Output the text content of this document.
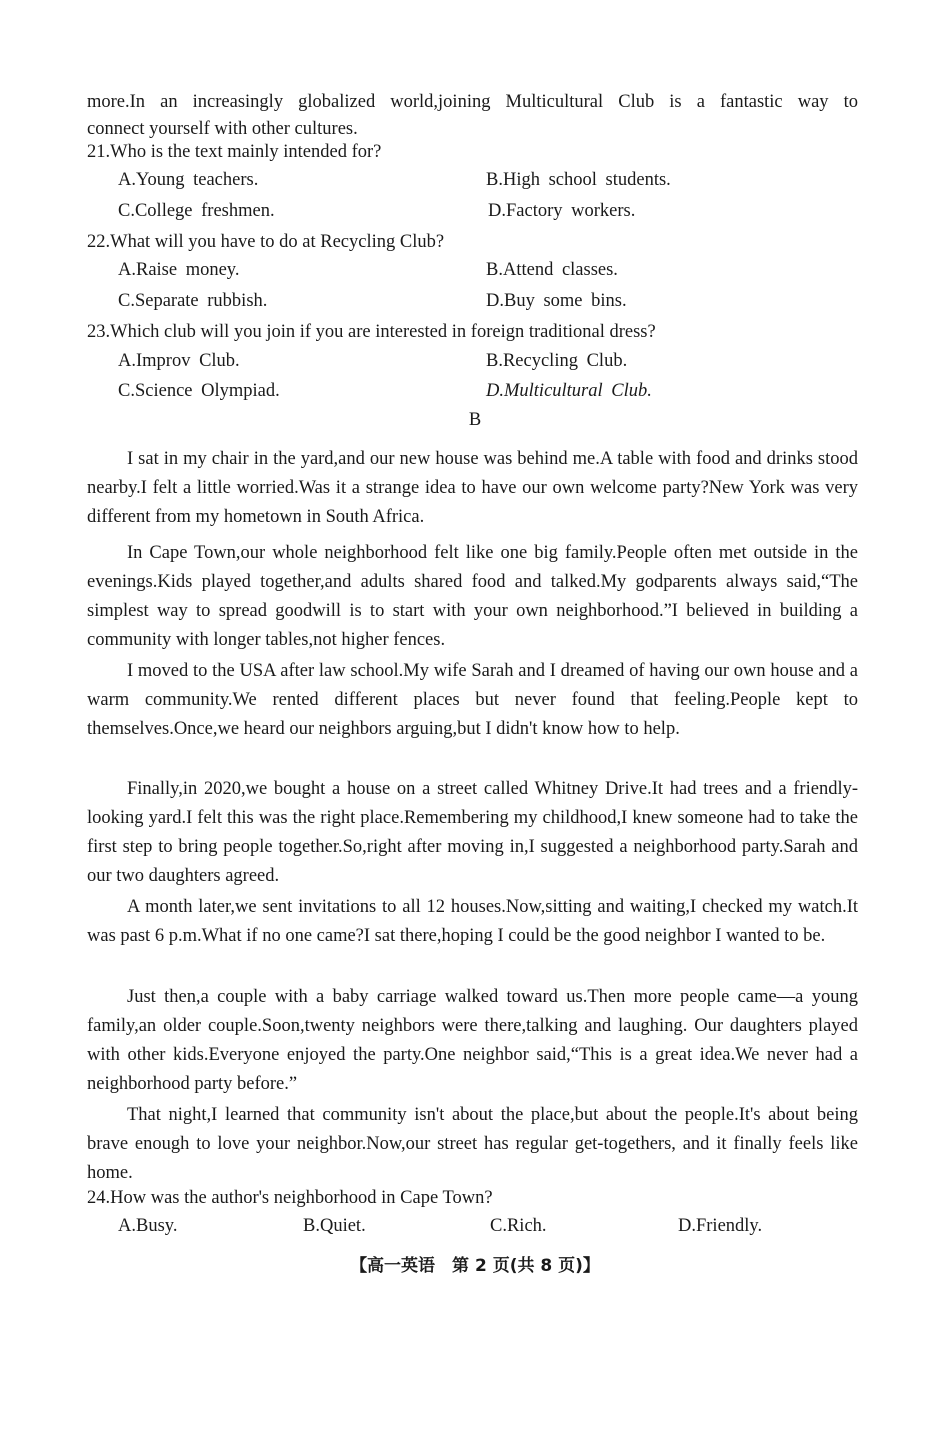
more.In an increasingly globalized world,joining Multicultural Club is a fantastic way to
connect yourself with other cultures.
21.Who is the text mainly intended for?
A.Young teachers.	B.High school students.
C.College freshmen.	D.Factory workers.
22.What will you have to do at Recycling Club?
A.Raise money.	B.Attend classes.
C.Separate rubbish.	D.Buy some bins.
23.Which club will you join if you are interested in foreign traditional dress?
A.Improv Club.	B.Recycling Club.
C.Science Olympiad.	D.Multicultural Club.
B
I sat in my chair in the yard,and our new house was behind me.A table with food and drinks stood nearby.I felt a little worried.Was it a strange idea to have our own welcome party?New York was very different from my hometown in South Africa.
In Cape Town,our whole neighborhood felt like one big family.People often met outside in the evenings.Kids played together,and adults shared food and talked.My godparents always said,“The simplest way to spread goodwill is to start with your own neighborhood.”I believed in building a community with longer tables,not higher fences.
I moved to the USA after law school.My wife Sarah and I dreamed of having our own house and a warm community.We rented different places but never found that feeling.People kept to themselves.Once,we heard our neighbors arguing,but I didn't know how to help.
Finally,in 2020,we bought a house on a street called Whitney Drive.It had trees and a friendly-looking yard.I felt this was the right place.Remembering my childhood,I knew someone had to take the first step to bring people together.So,right after moving in,I suggested a neighborhood party.Sarah and our two daughters agreed.
A month later,we sent invitations to all 12 houses.Now,sitting and waiting,I checked my watch.It was past 6 p.m.What if no one came?I sat there,hoping I could be the good neighbor I wanted to be.
Just then,a couple with a baby carriage walked toward us.Then more people came—a young family,an older couple.Soon,twenty neighbors were there,talking and laughing. Our daughters played with other kids.Everyone enjoyed the party.One neighbor said,“This is a great idea.We never had a neighborhood party before.”
That night,I learned that community isn't about the place,but about the people.It's about being brave enough to love your neighbor.Now,our street has regular get-togethers, and it finally feels like home.
24.How was the author's neighborhood in Cape Town?
A.Busy.	B.Quiet.	C.Rich.	D.Friendly.
【高一英语　第 2 页(共 8 页)】
